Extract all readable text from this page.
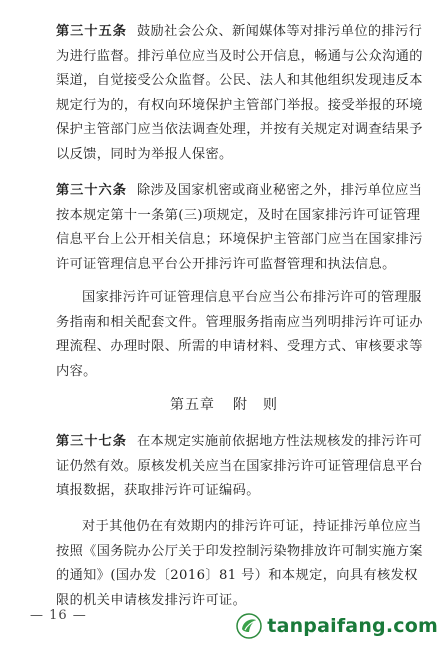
第三十五条 鼓励社会公众、新闻媒体等对排污单位的排污行为进行监督。排污单位应当及时公开信息，畅通与公众沟通的渠道，自觉接受公众监督。公民、法人和其他组织发现违反本规定行为的，有权向环境保护主管部门举报。接受举报的环境保护主管部门应当依法调查处理，并按有关规定对调查结果予以反馈，同时为举报人保密。

第三十六条 除涉及国家机密或商业秘密之外，排污单位应当按本规定第十一条第(三)项规定，及时在国家排污许可证管理信息平台上公开相关信息；环境保护主管部门应当在国家排污许可证管理信息平台公开排污许可监督管理和执法信息。

国家排污许可证管理信息平台应当公布排污许可的管理服务指南和相关配套文件。管理服务指南应当列明排污许可证办理流程、办理时限、所需的申请材料、受理方式、审核要求等内容。

第五章 附　则

第三十七条 在本规定实施前依据地方性法规核发的排污许可证仍然有效。原核发机关应当在国家排污许可证管理信息平台填报数据，获取排污许可证编码。

对于其他仍在有效期内的排污许可证，持证排污单位应当按照《国务院办公厅关于印发控制污染物排放许可制实施方案的通知》(国办发〔2016〕81 号）和本规定，向具有核发权限的机关申请核发排污许可证。

— 16 —	tanpaifang.com
